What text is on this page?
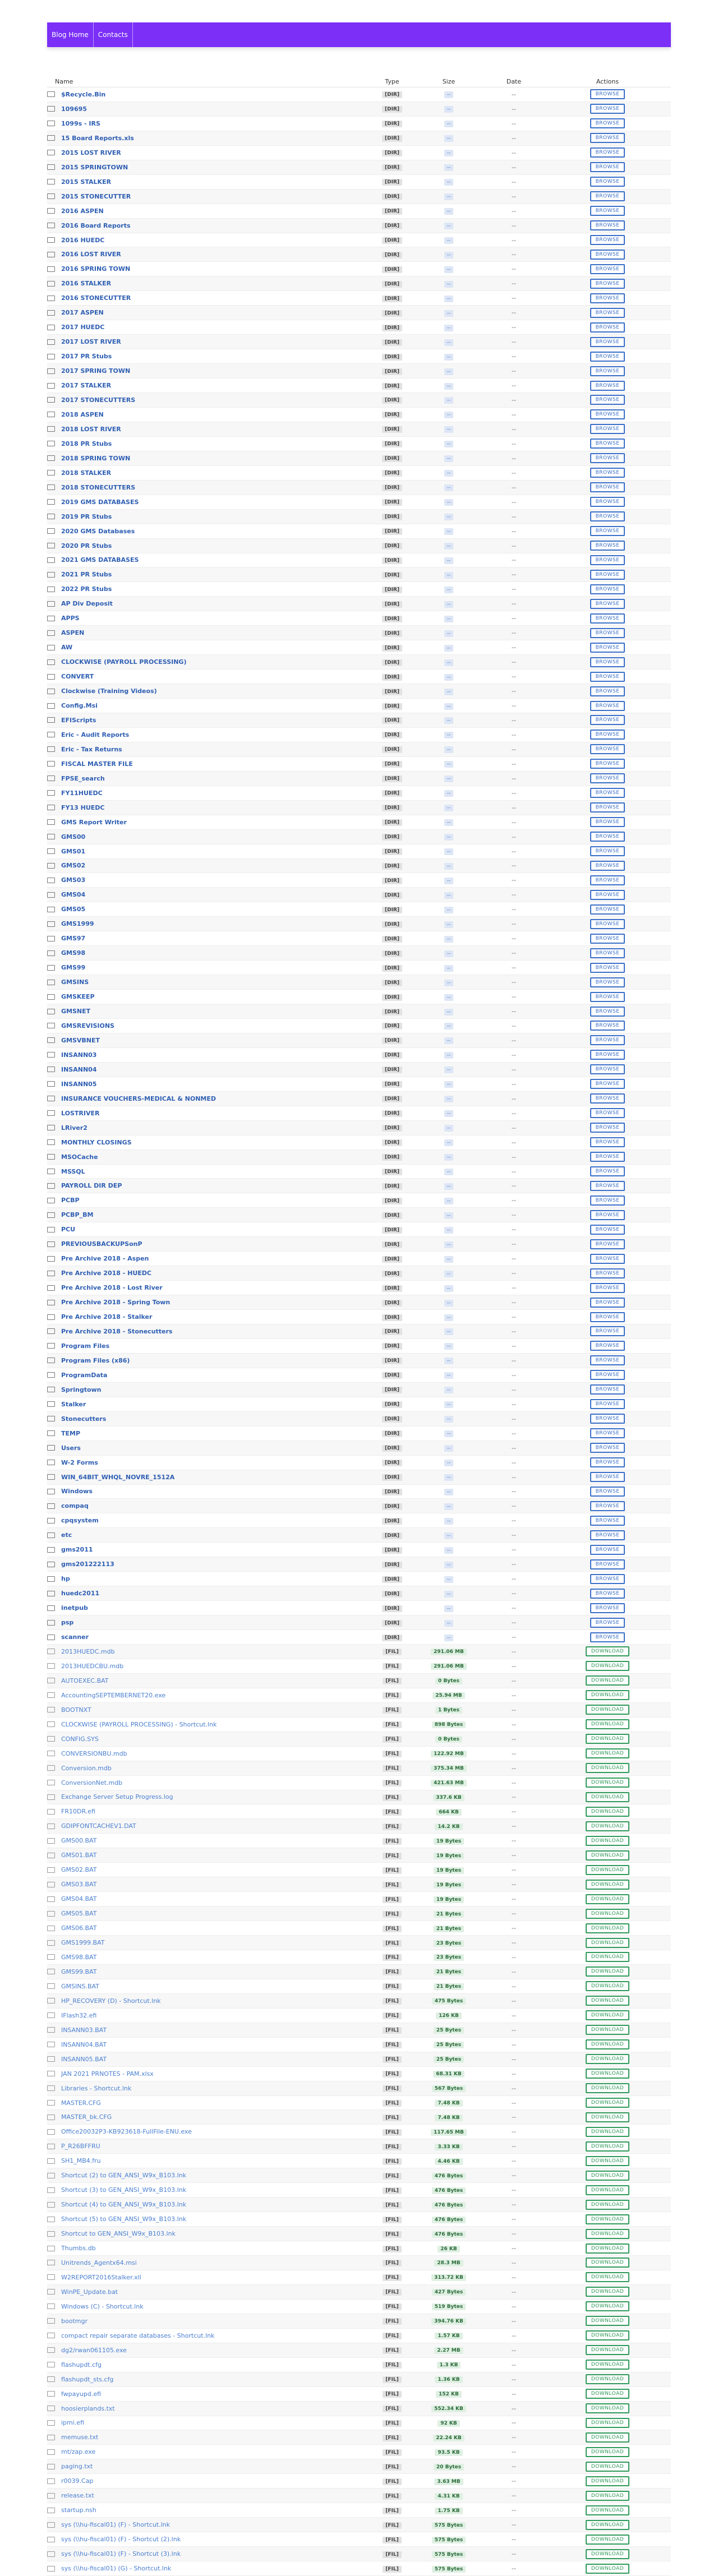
Blog Home	Contacts
Name	Type	Size	Date	Actions
$Recycle.Bin	[DIR]	--	--	BROWSE
109695	[DIR]	--	--	BROWSE
1099s - IRS	[DIR]	--	--	BROWSE
15 Board Reports.xls	[DIR]	--	--	BROWSE
2015 LOST RIVER	[DIR]	--	--	BROWSE
2015 SPRINGTOWN	[DIR]	--	--	BROWSE
2015 STALKER	[DIR]	--	--	BROWSE
2015 STONECUTTER	[DIR]	--	--	BROWSE
2016 ASPEN	[DIR]	--	--	BROWSE
2016 Board Reports	[DIR]	--	--	BROWSE
2016 HUEDC	[DIR]	--	--	BROWSE
2016 LOST RIVER	[DIR]	--	--	BROWSE
2016 SPRING TOWN	[DIR]	--	--	BROWSE
2016 STALKER	[DIR]	--	--	BROWSE
2016 STONECUTTER	[DIR]	--	--	BROWSE
2017 ASPEN	[DIR]	--	--	BROWSE
2017 HUEDC	[DIR]	--	--	BROWSE
2017 LOST RIVER	[DIR]	--	--	BROWSE
2017 PR Stubs	[DIR]	--	--	BROWSE
2017 SPRING TOWN	[DIR]	--	--	BROWSE
2017 STALKER	[DIR]	--	--	BROWSE
2017 STONECUTTERS	[DIR]	--	--	BROWSE
2018 ASPEN	[DIR]	--	--	BROWSE
2018 LOST RIVER	[DIR]	--	--	BROWSE
2018 PR Stubs	[DIR]	--	--	BROWSE
2018 SPRING TOWN	[DIR]	--	--	BROWSE
2018 STALKER	[DIR]	--	--	BROWSE
2018 STONECUTTERS	[DIR]	--	--	BROWSE
2019 GMS DATABASES	[DIR]	--	--	BROWSE
2019 PR Stubs	[DIR]	--	--	BROWSE
2020 GMS Databases	[DIR]	--	--	BROWSE
2020 PR Stubs	[DIR]	--	--	BROWSE
2021 GMS DATABASES	[DIR]	--	--	BROWSE
2021 PR Stubs	[DIR]	--	--	BROWSE
2022 PR Stubs	[DIR]	--	--	BROWSE
AP Div Deposit	[DIR]	--	--	BROWSE
APPS	[DIR]	--	--	BROWSE
ASPEN	[DIR]	--	--	BROWSE
AW	[DIR]	--	--	BROWSE
CLOCKWISE (PAYROLL PROCESSING)	[DIR]	--	--	BROWSE
CONVERT	[DIR]	--	--	BROWSE
Clockwise (Training Videos)	[DIR]	--	--	BROWSE
Config.Msi	[DIR]	--	--	BROWSE
EFIScripts	[DIR]	--	--	BROWSE
Eric - Audit Reports	[DIR]	--	--	BROWSE
Eric - Tax Returns	[DIR]	--	--	BROWSE
FISCAL MASTER FILE	[DIR]	--	--	BROWSE
FPSE_search	[DIR]	--	--	BROWSE
FY11HUEDC	[DIR]	--	--	BROWSE
FY13 HUEDC	[DIR]	--	--	BROWSE
GMS Report Writer	[DIR]	--	--	BROWSE
GMS00	[DIR]	--	--	BROWSE
GMS01	[DIR]	--	--	BROWSE
GMS02	[DIR]	--	--	BROWSE
GMS03	[DIR]	--	--	BROWSE
GMS04	[DIR]	--	--	BROWSE
GMS05	[DIR]	--	--	BROWSE
GMS1999	[DIR]	--	--	BROWSE
GMS97	[DIR]	--	--	BROWSE
GMS98	[DIR]	--	--	BROWSE
GMS99	[DIR]	--	--	BROWSE
GMSINS	[DIR]	--	--	BROWSE
GMSKEEP	[DIR]	--	--	BROWSE
GMSNET	[DIR]	--	--	BROWSE
GMSREVISIONS	[DIR]	--	--	BROWSE
GMSVBNET	[DIR]	--	--	BROWSE
INSANN03	[DIR]	--	--	BROWSE
INSANN04	[DIR]	--	--	BROWSE
INSANN05	[DIR]	--	--	BROWSE
INSURANCE VOUCHERS-MEDICAL & NONMED	[DIR]	--	--	BROWSE
LOSTRIVER	[DIR]	--	--	BROWSE
LRiver2	[DIR]	--	--	BROWSE
MONTHLY CLOSINGS	[DIR]	--	--	BROWSE
MSOCache	[DIR]	--	--	BROWSE
MSSQL	[DIR]	--	--	BROWSE
PAYROLL DIR DEP	[DIR]	--	--	BROWSE
PCBP	[DIR]	--	--	BROWSE
PCBP_BM	[DIR]	--	--	BROWSE
PCU	[DIR]	--	--	BROWSE
PREVIOUSBACKUPSonP	[DIR]	--	--	BROWSE
Pre Archive 2018 - Aspen	[DIR]	--	--	BROWSE
Pre Archive 2018 - HUEDC	[DIR]	--	--	BROWSE
Pre Archive 2018 - Lost River	[DIR]	--	--	BROWSE
Pre Archive 2018 - Spring Town	[DIR]	--	--	BROWSE
Pre Archive 2018 - Stalker	[DIR]	--	--	BROWSE
Pre Archive 2018 - Stonecutters	[DIR]	--	--	BROWSE
Program Files	[DIR]	--	--	BROWSE
Program Files (x86)	[DIR]	--	--	BROWSE
ProgramData	[DIR]	--	--	BROWSE
Springtown	[DIR]	--	--	BROWSE
Stalker	[DIR]	--	--	BROWSE
Stonecutters	[DIR]	--	--	BROWSE
TEMP	[DIR]	--	--	BROWSE
Users	[DIR]	--	--	BROWSE
W-2 Forms	[DIR]	--	--	BROWSE
WIN_64BIT_WHQL_NOVRE_1512A	[DIR]	--	--	BROWSE
Windows	[DIR]	--	--	BROWSE
compaq	[DIR]	--	--	BROWSE
cpqsystem	[DIR]	--	--	BROWSE
etc	[DIR]	--	--	BROWSE
gms2011	[DIR]	--	--	BROWSE
gms201222113	[DIR]	--	--	BROWSE
hp	[DIR]	--	--	BROWSE
huedc2011	[DIR]	--	--	BROWSE
inetpub	[DIR]	--	--	BROWSE
psp	[DIR]	--	--	BROWSE
scanner	[DIR]	--	--	BROWSE
2013HUEDC.mdb	[FIL]	291.06 MB	--	DOWNLOAD
2013HUEDCBU.mdb	[FIL]	291.06 MB	--	DOWNLOAD
AUTOEXEC.BAT	[FIL]	0 Bytes	--	DOWNLOAD
AccountingSEPTEMBERNET20.exe	[FIL]	25.94 MB	--	DOWNLOAD
BOOTNXT	[FIL]	1 Bytes	--	DOWNLOAD
CLOCKWISE (PAYROLL PROCESSING) - Shortcut.lnk	[FIL]	898 Bytes	--	DOWNLOAD
CONFIG.SYS	[FIL]	0 Bytes	--	DOWNLOAD
CONVERSIONBU.mdb	[FIL]	122.92 MB	--	DOWNLOAD
Conversion.mdb	[FIL]	375.34 MB	--	DOWNLOAD
ConversionNet.mdb	[FIL]	421.63 MB	--	DOWNLOAD
Exchange Server Setup Progress.log	[FIL]	337.6 KB	--	DOWNLOAD
FR10DR.efi	[FIL]	664 KB	--	DOWNLOAD
GDIPFONTCACHEV1.DAT	[FIL]	14.2 KB	--	DOWNLOAD
GMS00.BAT	[FIL]	19 Bytes	--	DOWNLOAD
GMS01.BAT	[FIL]	19 Bytes	--	DOWNLOAD
GMS02.BAT	[FIL]	19 Bytes	--	DOWNLOAD
GMS03.BAT	[FIL]	19 Bytes	--	DOWNLOAD
GMS04.BAT	[FIL]	19 Bytes	--	DOWNLOAD
GMS05.BAT	[FIL]	21 Bytes	--	DOWNLOAD
GMS06.BAT	[FIL]	21 Bytes	--	DOWNLOAD
GMS1999.BAT	[FIL]	23 Bytes	--	DOWNLOAD
GMS98.BAT	[FIL]	23 Bytes	--	DOWNLOAD
GMS99.BAT	[FIL]	21 Bytes	--	DOWNLOAD
GMSINS.BAT	[FIL]	21 Bytes	--	DOWNLOAD
HP_RECOVERY (D) - Shortcut.lnk	[FIL]	475 Bytes	--	DOWNLOAD
IFlash32.efi	[FIL]	126 KB	--	DOWNLOAD
INSANN03.BAT	[FIL]	25 Bytes	--	DOWNLOAD
INSANN04.BAT	[FIL]	25 Bytes	--	DOWNLOAD
INSANN05.BAT	[FIL]	25 Bytes	--	DOWNLOAD
JAN 2021 PRNOTES - PAM.xlsx	[FIL]	68.31 KB	--	DOWNLOAD
Libraries - Shortcut.lnk	[FIL]	567 Bytes	--	DOWNLOAD
MASTER.CFG	[FIL]	7.48 KB	--	DOWNLOAD
MASTER_bk.CFG	[FIL]	7.48 KB	--	DOWNLOAD
Office20032P3-KB923618-FullFile-ENU.exe	[FIL]	117.65 MB	--	DOWNLOAD
P_R26BFFRU	[FIL]	3.33 KB	--	DOWNLOAD
SH1_MB4.fru	[FIL]	4.46 KB	--	DOWNLOAD
Shortcut (2) to GEN_ANSI_W9x_B103.lnk	[FIL]	476 Bytes	--	DOWNLOAD
Shortcut (3) to GEN_ANSI_W9x_B103.lnk	[FIL]	476 Bytes	--	DOWNLOAD
Shortcut (4) to GEN_ANSI_W9x_B103.lnk	[FIL]	476 Bytes	--	DOWNLOAD
Shortcut (5) to GEN_ANSI_W9x_B103.lnk	[FIL]	476 Bytes	--	DOWNLOAD
Shortcut to GEN_ANSI_W9x_B103.lnk	[FIL]	476 Bytes	--	DOWNLOAD
Thumbs.db	[FIL]	26 KB	--	DOWNLOAD
Unitrends_Agentx64.msi	[FIL]	28.3 MB	--	DOWNLOAD
W2REPORT2016Stalker.xll	[FIL]	313.72 KB	--	DOWNLOAD
WinPE_Update.bat	[FIL]	427 Bytes	--	DOWNLOAD
Windows (C) - Shortcut.lnk	[FIL]	519 Bytes	--	DOWNLOAD
bootmgr	[FIL]	394.76 KB	--	DOWNLOAD
compact repair separate databases - Shortcut.lnk	[FIL]	1.57 KB	--	DOWNLOAD
dg2/rwan061105.exe	[FIL]	2.27 MB	--	DOWNLOAD
flashupdt.cfg	[FIL]	1.3 KB	--	DOWNLOAD
flashupdt_sts.cfg	[FIL]	1.36 KB	--	DOWNLOAD
fwpayupd.efi	[FIL]	152 KB	--	DOWNLOAD
hoosierplands.txt	[FIL]	552.34 KB	--	DOWNLOAD
ipmi.efi	[FIL]	92 KB	--	DOWNLOAD
memuse.txt	[FIL]	22.24 KB	--	DOWNLOAD
mt/zap.exe	[FIL]	93.5 KB	--	DOWNLOAD
paging.txt	[FIL]	20 Bytes	--	DOWNLOAD
r0039.Cap	[FIL]	3.63 MB	--	DOWNLOAD
release.txt	[FIL]	4.31 KB	--	DOWNLOAD
startup.nsh	[FIL]	1.75 KB	--	DOWNLOAD
sys (\\hu-fiscal01) (F) - Shortcut.lnk	[FIL]	575 Bytes	--	DOWNLOAD
sys (\\hu-fiscal01) (F) - Shortcut (2).lnk	[FIL]	575 Bytes	--	DOWNLOAD
sys (\\hu-fiscal01) (F) - Shortcut (3).lnk	[FIL]	575 Bytes	--	DOWNLOAD
sys (\\hu-fiscal01) (G) - Shortcut.lnk	[FIL]	575 Bytes	--	DOWNLOAD
